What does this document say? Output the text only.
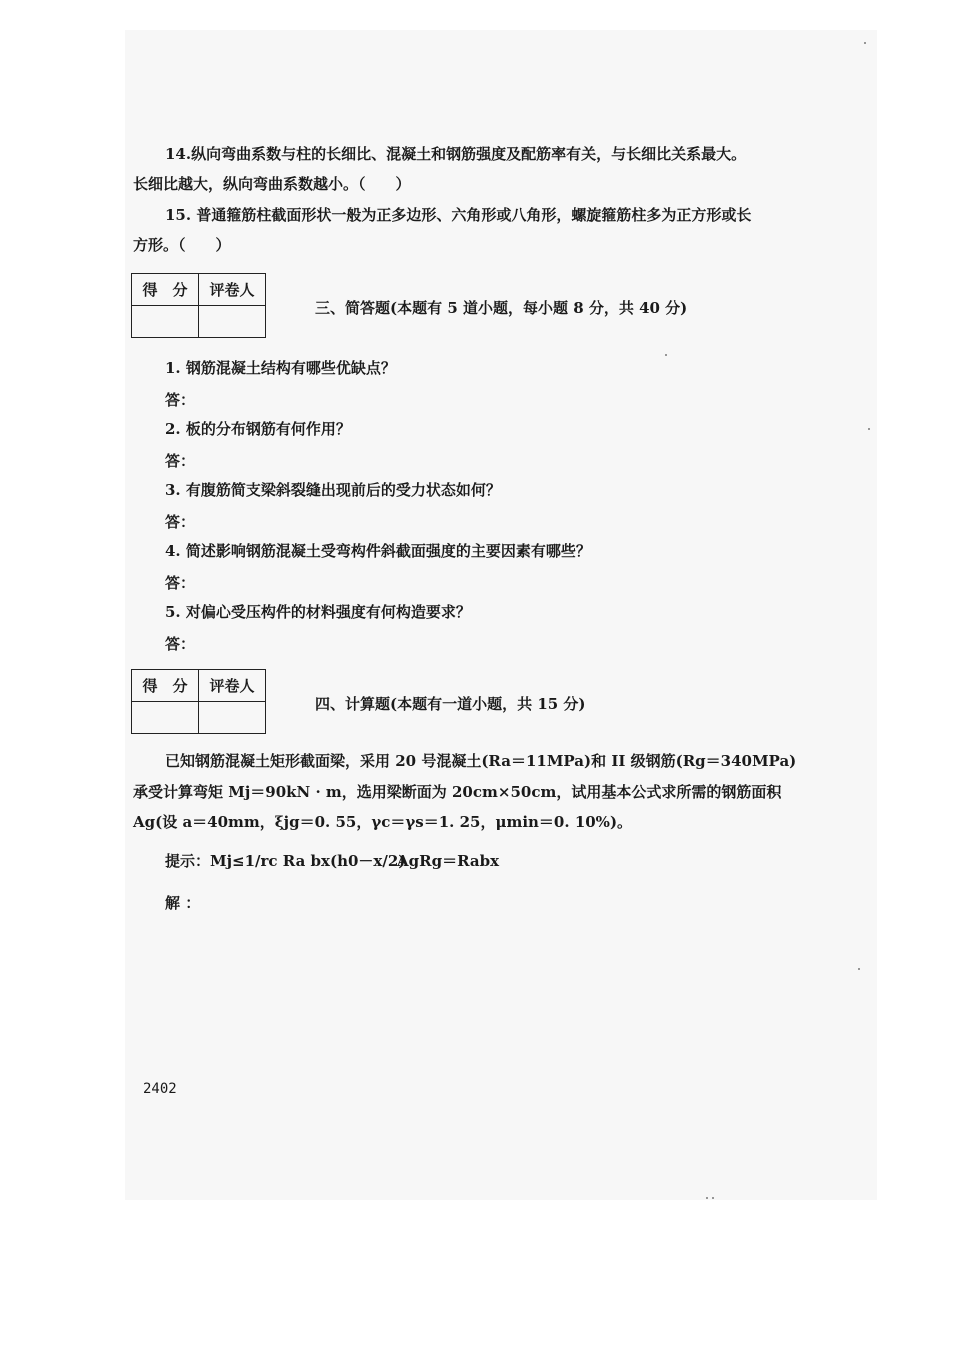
14.纵向弯曲系数与柱的长细比、混凝土和钢筋强度及配筋率有关，与长细比关系最大。
长细比越大，纵向弯曲系数越小。（　　）
15. 普通箍筋柱截面形状一般为正多边形、六角形或八角形，螺旋箍筋柱多为正方形或长
方形。（　　）
得　分	评卷人

三、简答题(本题有 5 道小题，每小题 8 分，共 40 分)
1. 钢筋混凝土结构有哪些优缺点？
答：
2. 板的分布钢筋有何作用？
答：
3. 有腹筋简支梁斜裂缝出现前后的受力状态如何？
答：
4. 简述影响钢筋混凝土受弯构件斜截面强度的主要因素有哪些？
答：
5. 对偏心受压构件的材料强度有何构造要求？
答：
得　分	评卷人

四、计算题(本题有一道小题，共 15 分)
已知钢筋混凝土矩形截面梁，采用 20 号混凝土(Ra＝11MPa)和 II 级钢筋(Rg＝340MPa)
承受计算弯矩 Mj＝90kN · m，选用梁断面为 20cm×50cm，试用基本公式求所需的钢筋面积
Ag(设 a＝40mm，ξjg＝0. 55，γc＝γs＝1. 25，μmin＝0. 10%)。
提示：Mj≤1/rc Ra bx(h0－x/2)
AgRg＝Rabx
解 ：
2402
